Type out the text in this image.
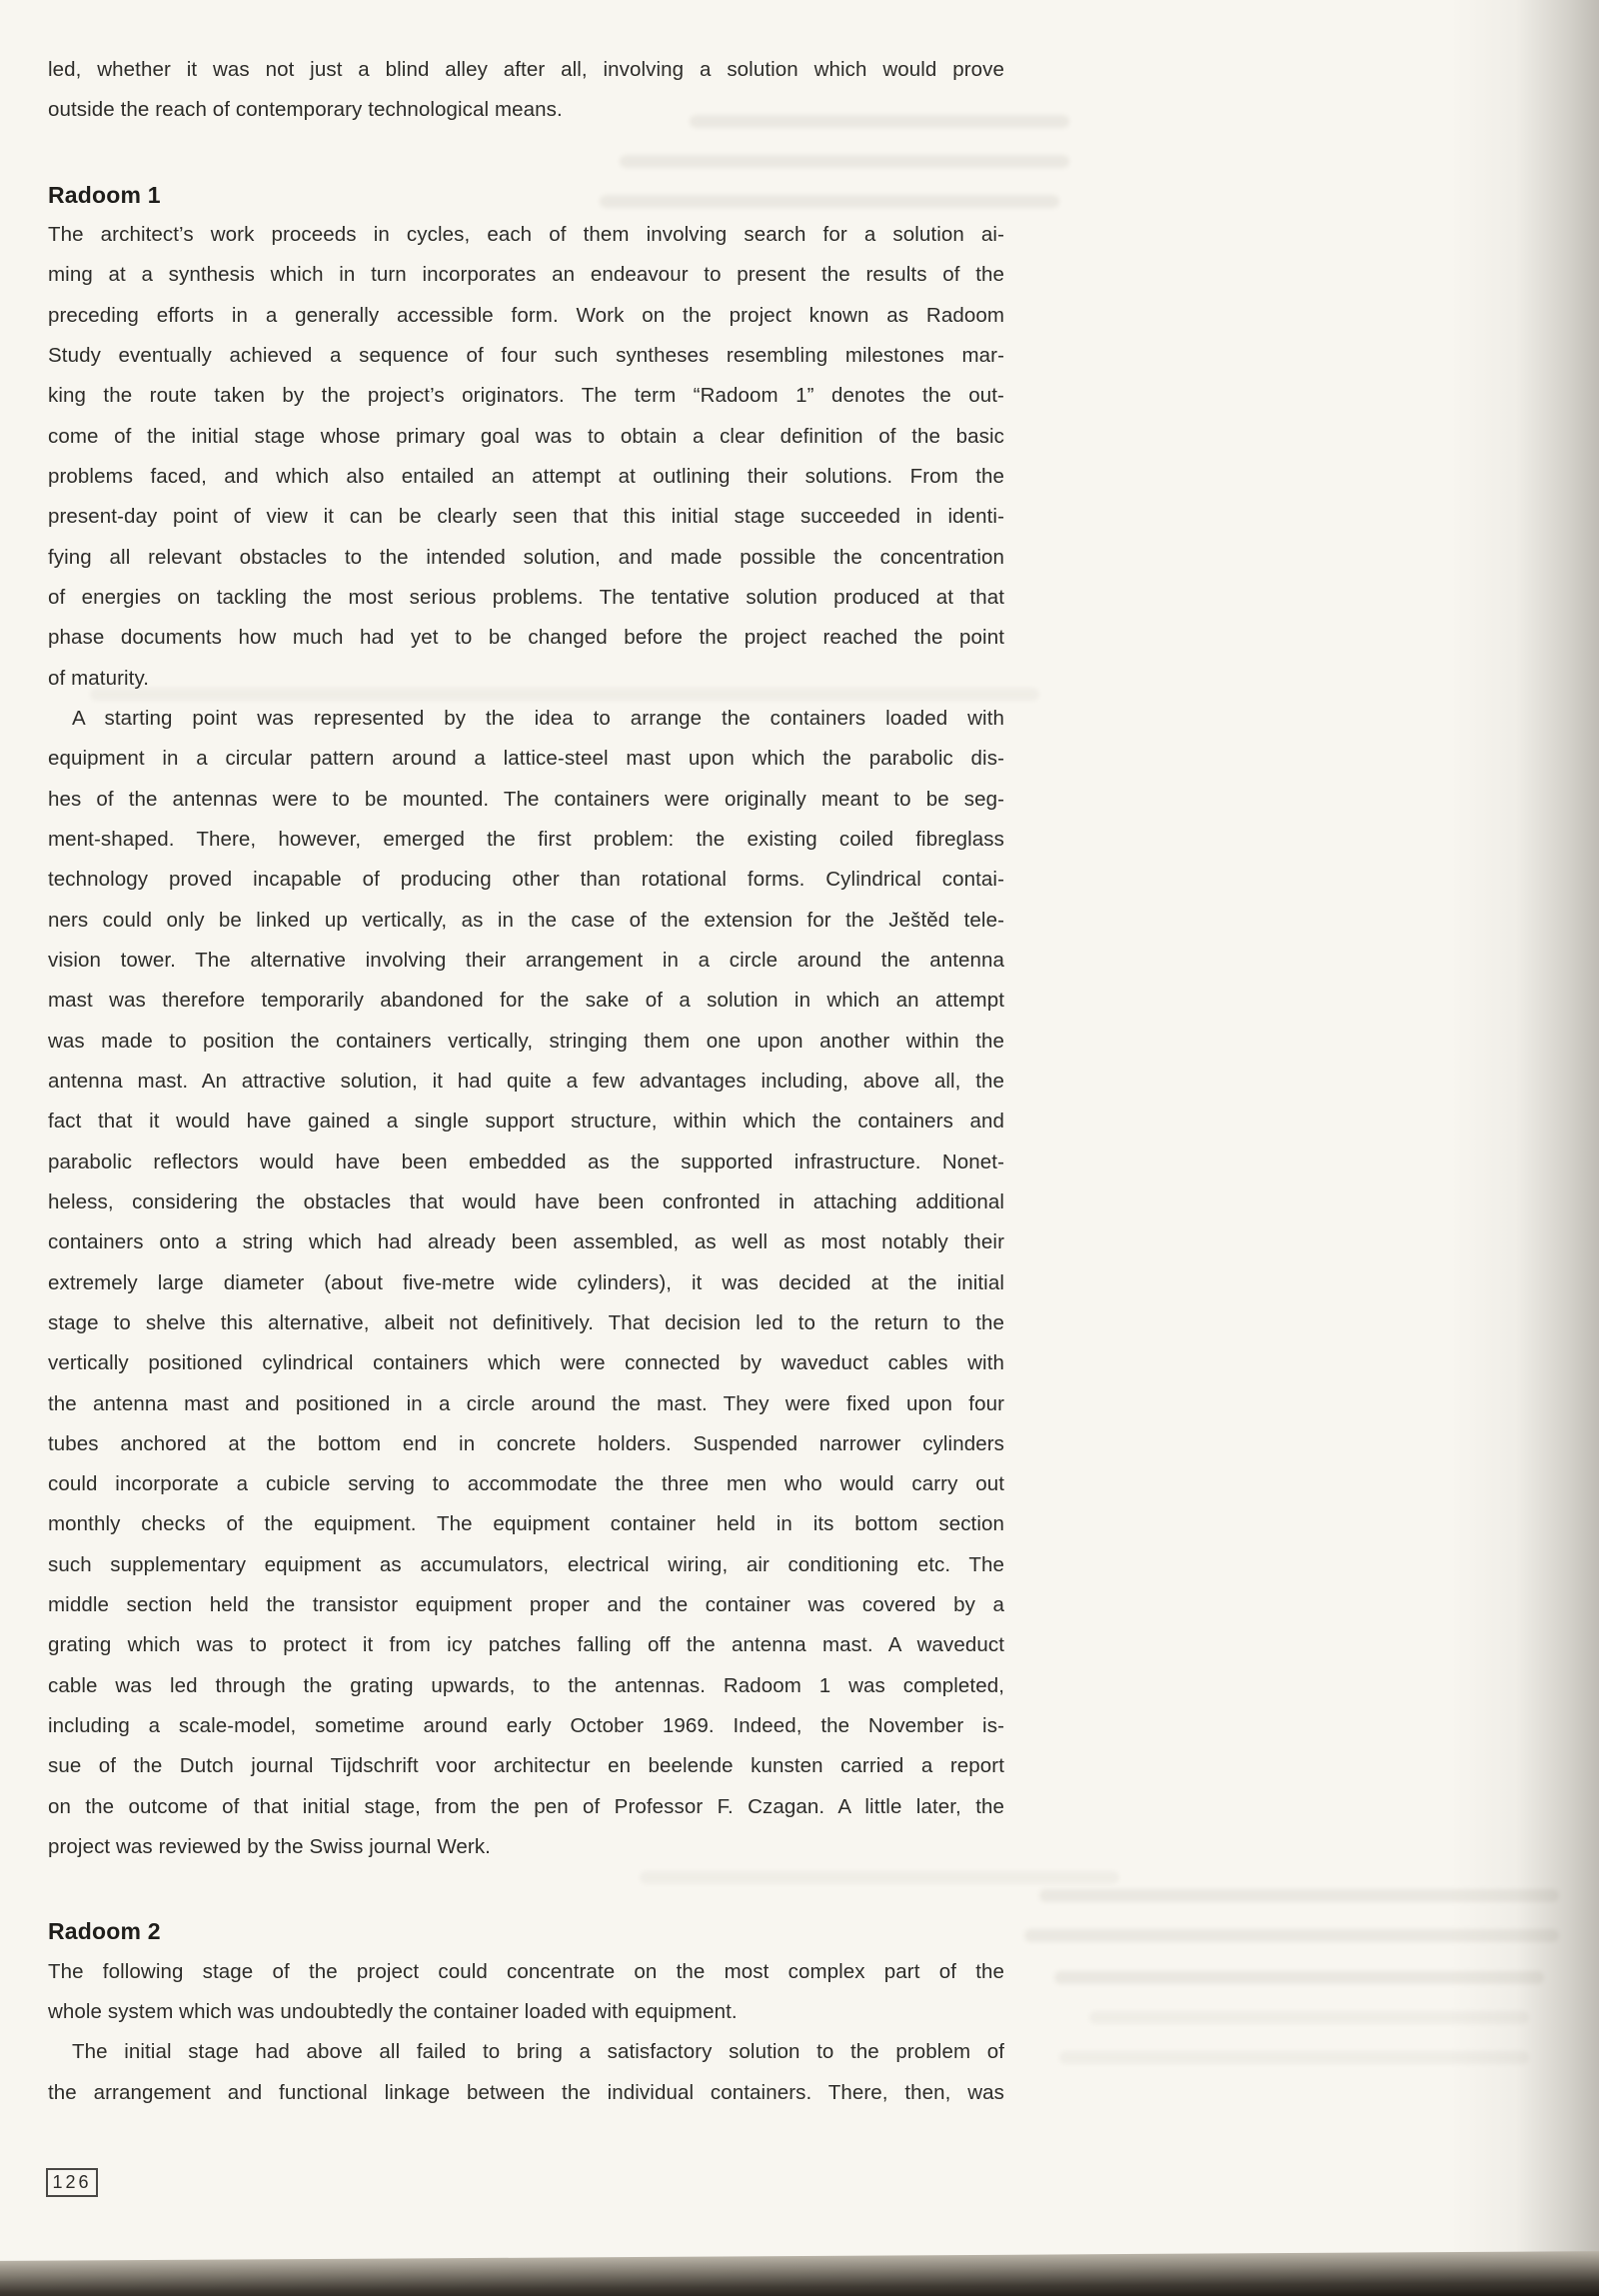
led, whether it was not just a blind alley after all, involving a solution which would prove
outside the reach of contemporary technological means.
Radoom 1
The architect’s work proceeds in cycles, each of them involving search for a solution ai-
ming at a synthesis which in turn incorporates an endeavour to present the results of the
preceding efforts in a generally accessible form. Work on the project known as Radoom
Study eventually achieved a sequence of four such syntheses resembling milestones mar-
king the route taken by the project’s originators. The term “Radoom 1” denotes the out-
come of the initial stage whose primary goal was to obtain a clear definition of the basic
problems faced, and which also entailed an attempt at outlining their solutions. From the
present-day point of view it can be clearly seen that this initial stage succeeded in identi-
fying all relevant obstacles to the intended solution, and made possible the concentration
of energies on tackling the most serious problems. The tentative solution produced at that
phase documents how much had yet to be changed before the project reached the point
of maturity.
A starting point was represented by the idea to arrange the containers loaded with
equipment in a circular pattern around a lattice-steel mast upon which the parabolic dis-
hes of the antennas were to be mounted. The containers were originally meant to be seg-
ment-shaped. There, however, emerged the first problem: the existing coiled fibreglass
technology proved incapable of producing other than rotational forms. Cylindrical contai-
ners could only be linked up vertically, as in the case of the extension for the Ještěd tele-
vision tower. The alternative involving their arrangement in a circle around the antenna
mast was therefore temporarily abandoned for the sake of a solution in which an attempt
was made to position the containers vertically, stringing them one upon another within the
antenna mast. An attractive solution, it had quite a few advantages including, above all, the
fact that it would have gained a single support structure, within which the containers and
parabolic reflectors would have been embedded as the supported infrastructure. Nonet-
heless, considering the obstacles that would have been confronted in attaching additional
containers onto a string which had already been assembled, as well as most notably their
extremely large diameter (about five-metre wide cylinders), it was decided at the initial
stage to shelve this alternative, albeit not definitively. That decision led to the return to the
vertically positioned cylindrical containers which were connected by waveduct cables with
the antenna mast and positioned in a circle around the mast. They were fixed upon four
tubes anchored at the bottom end in concrete holders. Suspended narrower cylinders
could incorporate a cubicle serving to accommodate the three men who would carry out
monthly checks of the equipment. The equipment container held in its bottom section
such supplementary equipment as accumulators, electrical wiring, air conditioning etc. The
middle section held the transistor equipment proper and the container was covered by a
grating which was to protect it from icy patches falling off the antenna mast. A waveduct
cable was led through the grating upwards, to the antennas. Radoom 1 was completed,
including a scale-model, sometime around early October 1969. Indeed, the November is-
sue of the Dutch journal Tijdschrift voor architectur en beelende kunsten carried a report
on the outcome of that initial stage, from the pen of Professor F. Czagan. A little later, the
project was reviewed by the Swiss journal Werk.
Radoom 2
The following stage of the project could concentrate on the most complex part of the
whole system which was undoubtedly the container loaded with equipment.
The initial stage had above all failed to bring a satisfactory solution to the problem of
the arrangement and functional linkage between the individual containers. There, then, was
126
